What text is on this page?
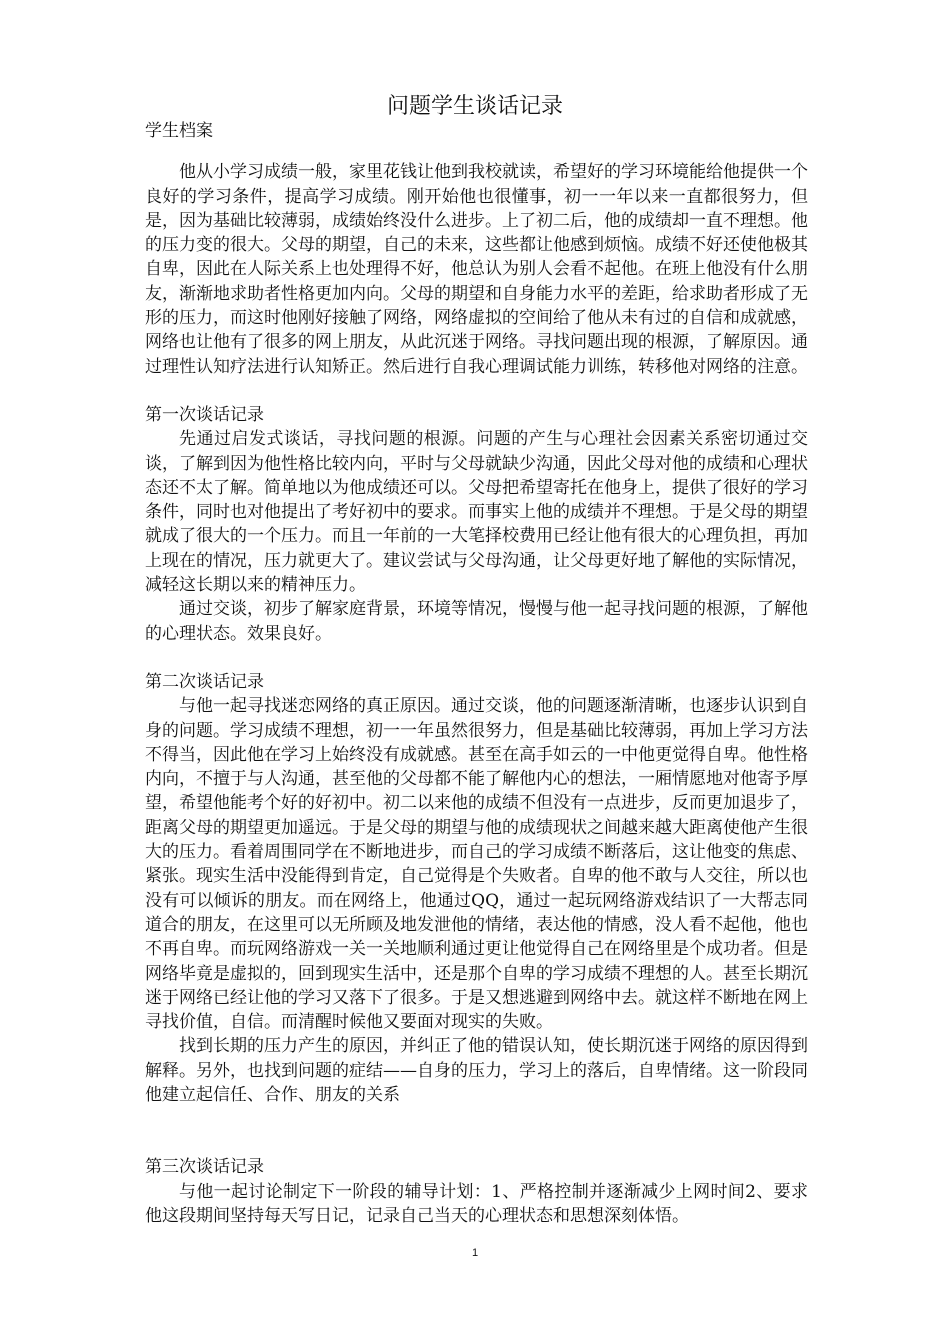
问题学生谈话记录

学生档案

他从小学习成绩一般，家里花钱让他到我校就读，希望好的学习环境能给他提供一个良好的学习条件，提高学习成绩。刚开始他也很懂事，初一一年以来一直都很努力，但是，因为基础比较薄弱，成绩始终没什么进步。上了初二后，他的成绩却一直不理想。他的压力变的很大。父母的期望，自己的未来，这些都让他感到烦恼。成绩不好还使他极其自卑，因此在人际关系上也处理得不好，他总认为别人会看不起他。在班上他没有什么朋友，渐渐地求助者性格更加内向。父母的期望和自身能力水平的差距，给求助者形成了无形的压力，而这时他刚好接触了网络，网络虚拟的空间给了他从未有过的自信和成就感，网络也让他有了很多的网上朋友，从此沉迷于网络。寻找问题出现的根源，了解原因。通过理性认知疗法进行认知矫正。然后进行自我心理调试能力训练，转移他对网络的注意。

第一次谈话记录

先通过启发式谈话，寻找问题的根源。问题的产生与心理社会因素关系密切通过交谈，了解到因为他性格比较内向，平时与父母就缺少沟通，因此父母对他的成绩和心理状态还不太了解。简单地以为他成绩还可以。父母把希望寄托在他身上，提供了很好的学习条件，同时也对他提出了考好初中的要求。而事实上他的成绩并不理想。于是父母的期望就成了很大的一个压力。而且一年前的一大笔择校费用已经让他有很大的心理负担，再加上现在的情况，压力就更大了。建议尝试与父母沟通，让父母更好地了解他的实际情况，减轻这长期以来的精神压力。

通过交谈，初步了解家庭背景，环境等情况，慢慢与他一起寻找问题的根源，了解他的心理状态。效果良好。

第二次谈话记录

与他一起寻找迷恋网络的真正原因。通过交谈，他的问题逐渐清晰，也逐步认识到自身的问题。学习成绩不理想，初一一年虽然很努力，但是基础比较薄弱，再加上学习方法不得当，因此他在学习上始终没有成就感。甚至在高手如云的一中他更觉得自卑。他性格内向，不擅于与人沟通，甚至他的父母都不能了解他内心的想法，一厢情愿地对他寄予厚望，希望他能考个好的好初中。初二以来他的成绩不但没有一点进步，反而更加退步了，距离父母的期望更加遥远。于是父母的期望与他的成绩现状之间越来越大距离使他产生很大的压力。看着周围同学在不断地进步，而自己的学习成绩不断落后，这让他变的焦虑、紧张。现实生活中没能得到肯定，自己觉得是个失败者。自卑的他不敢与人交往，所以也没有可以倾诉的朋友。而在网络上，他通过QQ，通过一起玩网络游戏结识了一大帮志同道合的朋友，在这里可以无所顾及地发泄他的情绪，表达他的情感，没人看不起他，他也不再自卑。而玩网络游戏一关一关地顺利通过更让他觉得自己在网络里是个成功者。但是网络毕竟是虚拟的，回到现实生活中，还是那个自卑的学习成绩不理想的人。甚至长期沉迷于网络已经让他的学习又落下了很多。于是又想逃避到网络中去。就这样不断地在网上寻找价值，自信。而清醒时候他又要面对现实的失败。

找到长期的压力产生的原因，并纠正了他的错误认知，使长期沉迷于网络的原因得到解释。另外，也找到问题的症结——自身的压力，学习上的落后，自卑情绪。这一阶段同他建立起信任、合作、朋友的关系

第三次谈话记录

与他一起讨论制定下一阶段的辅导计划：1、严格控制并逐渐减少上网时间2、要求他这段期间坚持每天写日记，记录自己当天的心理状态和思想深刻体悟。

1
